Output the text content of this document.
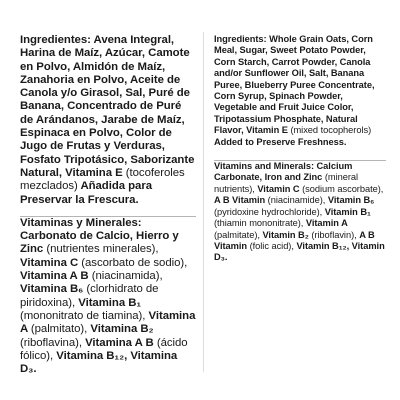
Ingredientes: Avena Integral, Harina de Maíz, Azúcar, Camote en Polvo, Almidón de Maíz, Zanahoria en Polvo, Aceite de Canola y/o Girasol, Sal, Puré de Banana, Concentrado de Puré de Arándanos, Jarabe de Maíz, Espinaca en Polvo, Color de Jugo de Frutas y Verduras, Fosfato Tripotásico, Saborizante Natural, Vitamina E (tocoferoles mezclados) Añadida para Preservar la Frescura.

Vitaminas y Minerales: Carbonato de Calcio, Hierro y Zinc (nutrientes minerales), Vitamina C (ascorbato de sodio), Vitamina A B (niacinamida), Vitamina B₆ (clorhidrato de piridoxina), Vitamina B₁ (mononitrato de tiamina), Vitamina A (palmitato), Vitamina B₂ (riboflavina), Vitamina A B (ácido fólico), Vitamina B₁₂, Vitamina D₃.

Ingredients: Whole Grain Oats, Corn Meal, Sugar, Sweet Potato Powder, Corn Starch, Carrot Powder, Canola and/or Sunflower Oil, Salt, Banana Puree, Blueberry Puree Concentrate, Corn Syrup, Spinach Powder, Vegetable and Fruit Juice Color, Tripotassium Phosphate, Natural Flavor, Vitamin E (mixed tocopherols) Added to Preserve Freshness.

Vitamins and Minerals: Calcium Carbonate, Iron and Zinc (mineral nutrients), Vitamin C (sodium ascorbate), A B Vitamin (niacinamide), Vitamin B₆ (pyridoxine hydrochloride), Vitamin B₁ (thiamin mononitrate), Vitamin A (palmitate), Vitamin B₂ (riboflavin), A B Vitamin (folic acid), Vitamin B₁₂, Vitamin D₃.
